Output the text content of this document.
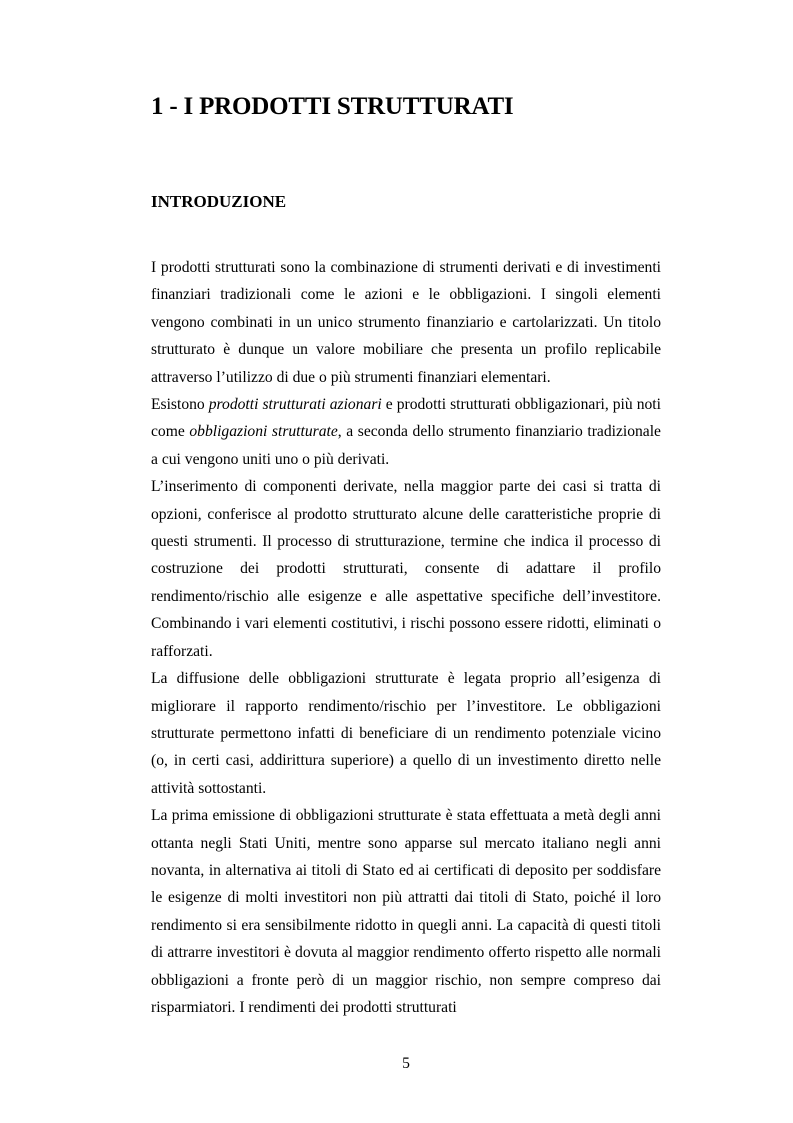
1 - I PRODOTTI STRUTTURATI
INTRODUZIONE

I prodotti strutturati sono la combinazione di strumenti derivati e di investimenti finanziari tradizionali come le azioni e le obbligazioni. I singoli elementi vengono combinati in un unico strumento finanziario e cartolarizzati. Un titolo strutturato è dunque un valore mobiliare che presenta un profilo replicabile attraverso l’utilizzo di due o più strumenti finanziari elementari.

Esistono prodotti strutturati azionari e prodotti strutturati obbligazionari, più noti come obbligazioni strutturate, a seconda dello strumento finanziario tradizionale a cui vengono uniti uno o più derivati.

L’inserimento di componenti derivate, nella maggior parte dei casi si tratta di opzioni, conferisce al prodotto strutturato alcune delle caratteristiche proprie di questi strumenti. Il processo di strutturazione, termine che indica il processo di costruzione dei prodotti strutturati, consente di adattare il profilo rendimento/rischio alle esigenze e alle aspettative specifiche dell’investitore. Combinando i vari elementi costitutivi, i rischi possono essere ridotti, eliminati o rafforzati.

La diffusione delle obbligazioni strutturate è legata proprio all’esigenza di migliorare il rapporto rendimento/rischio per l’investitore. Le obbligazioni strutturate permettono infatti di beneficiare di un rendimento potenziale vicino (o, in certi casi, addirittura superiore) a quello di un investimento diretto nelle attività sottostanti.

La prima emissione di obbligazioni strutturate è stata effettuata a metà degli anni ottanta negli Stati Uniti, mentre sono apparse sul mercato italiano negli anni novanta, in alternativa ai titoli di Stato ed ai certificati di deposito per soddisfare le esigenze di molti investitori non più attratti dai titoli di Stato, poiché il loro rendimento si era sensibilmente ridotto in quegli anni. La capacità di questi titoli di attrarre investitori è dovuta al maggior rendimento offerto rispetto alle normali obbligazioni a fronte però di un maggior rischio, non sempre compreso dai risparmiatori. I rendimenti dei prodotti strutturati

5
